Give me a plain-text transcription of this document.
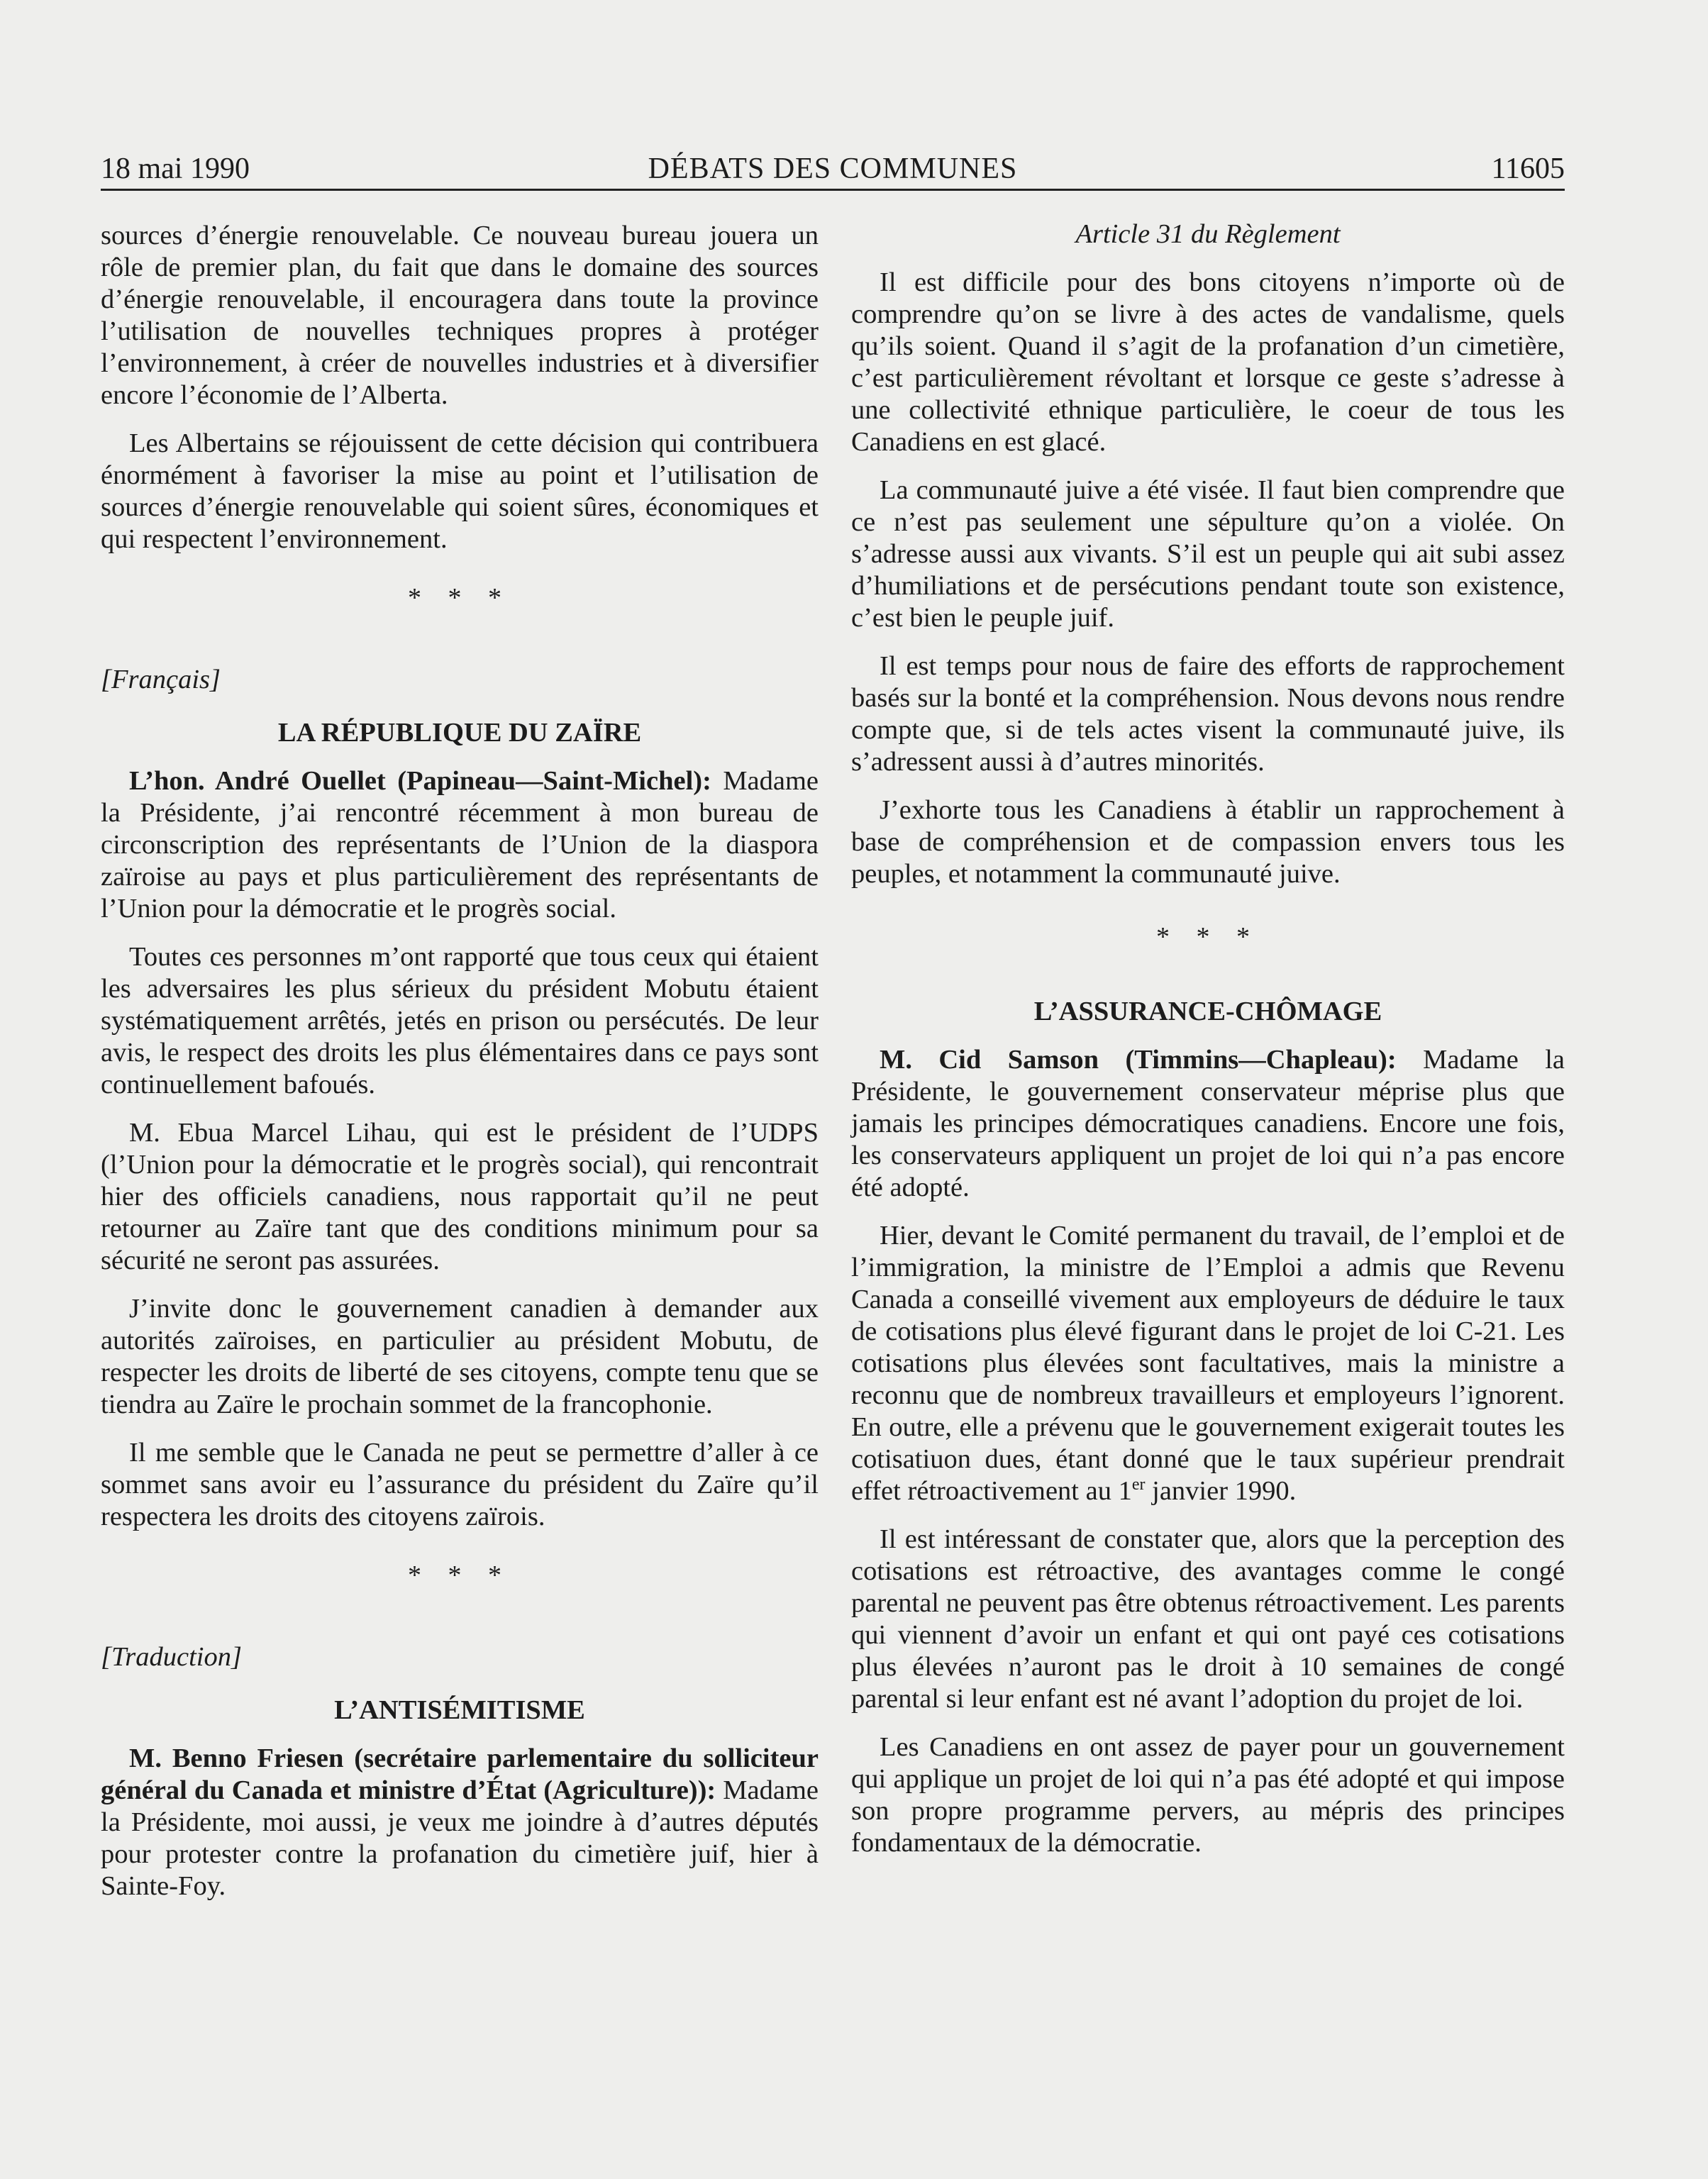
18 mai 1990	DÉBATS DES COMMUNES	11605

sources d’énergie renouvelable. Ce nouveau bureau jouera un rôle de premier plan, du fait que dans le domaine des sources d’énergie renouvelable, il encouragera dans toute la province l’utilisation de nouvelles techniques propres à protéger l’environnement, à créer de nouvelles industries et à diversifier encore l’économie de l’Alberta.

Les Albertains se réjouissent de cette décision qui contribuera énormément à favoriser la mise au point et l’utilisation de sources d’énergie renouvelable qui soient sûres, économiques et qui respectent l’environnement.

* * *
[Français]
LA RÉPUBLIQUE DU ZAÏRE

L’hon. André Ouellet (Papineau—Saint-Michel): Madame la Présidente, j’ai rencontré récemment à mon bureau de circonscription des représentants de l’Union de la diaspora zaïroise au pays et plus particulièrement des représentants de l’Union pour la démocratie et le progrès social.

Toutes ces personnes m’ont rapporté que tous ceux qui étaient les adversaires les plus sérieux du président Mobutu étaient systématiquement arrêtés, jetés en prison ou persécutés. De leur avis, le respect des droits les plus élémentaires dans ce pays sont continuellement bafoués.

M. Ebua Marcel Lihau, qui est le président de l’UDPS (l’Union pour la démocratie et le progrès social), qui rencontrait hier des officiels canadiens, nous rapportait qu’il ne peut retourner au Zaïre tant que des conditions minimum pour sa sécurité ne seront pas assurées.

J’invite donc le gouvernement canadien à demander aux autorités zaïroises, en particulier au président Mobutu, de respecter les droits de liberté de ses citoyens, compte tenu que se tiendra au Zaïre le prochain sommet de la francophonie.

Il me semble que le Canada ne peut se permettre d’aller à ce sommet sans avoir eu l’assurance du président du Zaïre qu’il respectera les droits des citoyens zaïrois.

* * *
[Traduction]
L’ANTISÉMITISME

M. Benno Friesen (secrétaire parlementaire du solliciteur général du Canada et ministre d’État (Agriculture)): Madame la Présidente, moi aussi, je veux me joindre à d’autres députés pour protester contre la profanation du cimetière juif, hier à Sainte-Foy.

Article 31 du Règlement

Il est difficile pour des bons citoyens n’importe où de comprendre qu’on se livre à des actes de vandalisme, quels qu’ils soient. Quand il s’agit de la profanation d’un cimetière, c’est particulièrement révoltant et lorsque ce geste s’adresse à une collectivité ethnique particulière, le coeur de tous les Canadiens en est glacé.

La communauté juive a été visée. Il faut bien comprendre que ce n’est pas seulement une sépulture qu’on a violée. On s’adresse aussi aux vivants. S’il est un peuple qui ait subi assez d’humiliations et de persécutions pendant toute son existence, c’est bien le peuple juif.

Il est temps pour nous de faire des efforts de rapprochement basés sur la bonté et la compréhension. Nous devons nous rendre compte que, si de tels actes visent la communauté juive, ils s’adressent aussi à d’autres minorités.

J’exhorte tous les Canadiens à établir un rapprochement à base de compréhension et de compassion envers tous les peuples, et notamment la communauté juive.

* * *
L’ASSURANCE-CHÔMAGE

M. Cid Samson (Timmins—Chapleau): Madame la Présidente, le gouvernement conservateur méprise plus que jamais les principes démocratiques canadiens. Encore une fois, les conservateurs appliquent un projet de loi qui n’a pas encore été adopté.

Hier, devant le Comité permanent du travail, de l’emploi et de l’immigration, la ministre de l’Emploi a admis que Revenu Canada a conseillé vivement aux employeurs de déduire le taux de cotisations plus élevé figurant dans le projet de loi C-21. Les cotisations plus élevées sont facultatives, mais la ministre a reconnu que de nombreux travailleurs et employeurs l’ignorent. En outre, elle a prévenu que le gouvernement exigerait toutes les cotisatiuon dues, étant donné que le taux supérieur prendrait effet rétroactivement au 1er janvier 1990.

Il est intéressant de constater que, alors que la perception des cotisations est rétroactive, des avantages comme le congé parental ne peuvent pas être obtenus rétroactivement. Les parents qui viennent d’avoir un enfant et qui ont payé ces cotisations plus élevées n’auront pas le droit à 10 semaines de congé parental si leur enfant est né avant l’adoption du projet de loi.

Les Canadiens en ont assez de payer pour un gouvernement qui applique un projet de loi qui n’a pas été adopté et qui impose son propre programme pervers, au mépris des principes fondamentaux de la démocratie.
